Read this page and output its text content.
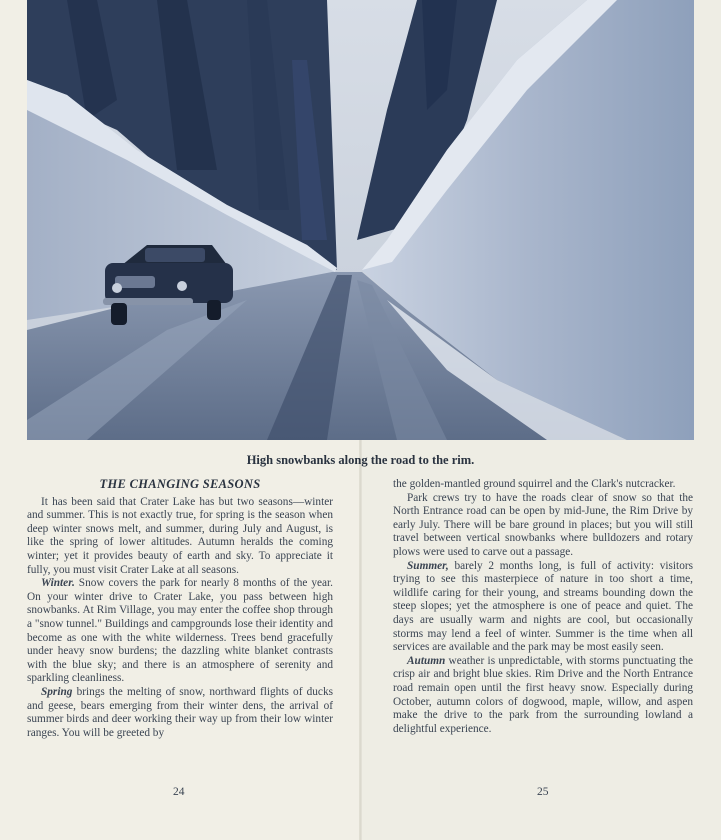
High snowbanks along the road to the rim.
THE CHANGING SEASONS

It has been said that Crater Lake has but two seasons—winter and summer. This is not exactly true, for spring is the season when deep winter snows melt, and summer, during July and August, is like the spring of lower altitudes. Autumn heralds the coming winter; yet it provides beauty of earth and sky. To appreciate it fully, you must visit Crater Lake at all seasons.

Winter. Snow covers the park for nearly 8 months of the year. On your winter drive to Crater Lake, you pass between high snowbanks. At Rim Village, you may enter the coffee shop through a "snow tunnel." Buildings and campgrounds lose their identity and become as one with the white wilderness. Trees bend gracefully under heavy snow burdens; the dazzling white blanket contrasts with the blue sky; and there is an atmosphere of serenity and sparkling cleanliness.

Spring brings the melting of snow, northward flights of ducks and geese, bears emerging from their winter dens, the arrival of summer birds and deer working their way up from their low winter ranges. You will be greeted by

the golden-mantled ground squirrel and the Clark's nutcracker.

Park crews try to have the roads clear of snow so that the North Entrance road can be open by mid-June, the Rim Drive by early July. There will be bare ground in places; but you will still travel between vertical snowbanks where bulldozers and rotary plows were used to carve out a passage.

Summer, barely 2 months long, is full of activity: visitors trying to see this masterpiece of nature in too short a time, wildlife caring for their young, and streams bounding down the steep slopes; yet the atmosphere is one of peace and quiet. The days are usually warm and nights are cool, but occasionally storms may lend a feel of winter. Summer is the time when all services are available and the park may be most easily seen.

Autumn weather is unpredictable, with storms punctuating the crisp air and bright blue skies. Rim Drive and the North Entrance road remain open until the first heavy snow. Especially during October, autumn colors of dogwood, maple, willow, and aspen make the drive to the park from the surrounding lowland a delightful experience.

24	25
